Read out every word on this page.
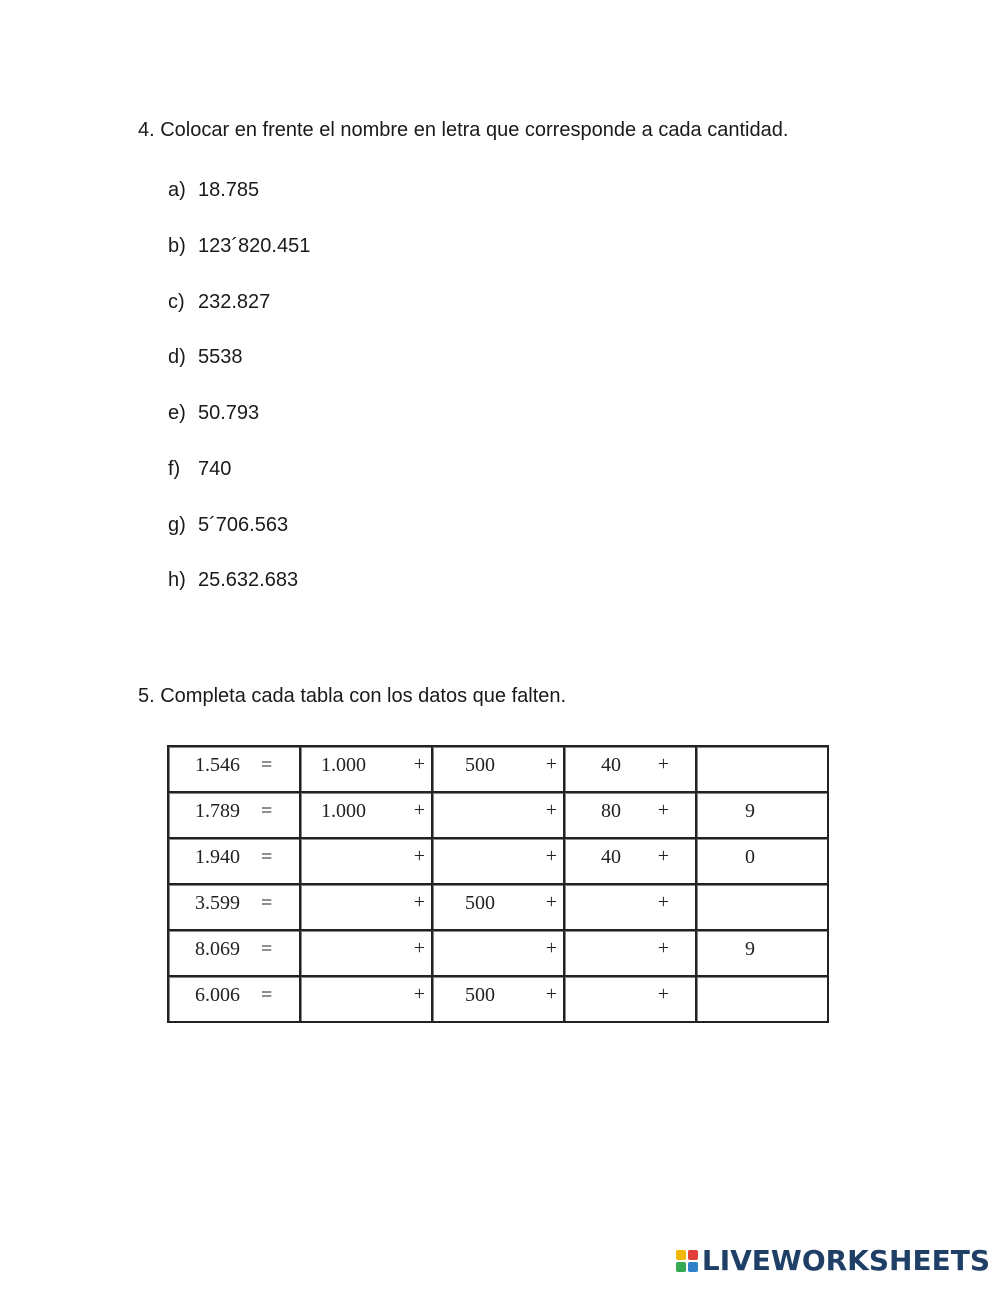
4. Colocar en frente el nombre en letra que corresponde a cada cantidad.
a) 18.785
b) 123´820.451
c) 232.827
d) 5538
e) 50.793
f) 740
g) 5´706.563
h) 25.632.683
5. Completa cada tabla con los datos que falten.
1.546 =	1.000 +	500 +	40 +	

1.789 =	1.000 +	+	80 +	9

1.940 =	+	+	40 +	0

3.599 =	+	500 +	+	

8.069 =	+	+	+	9

6.006 =	+	500 +	+	

LIVEWORKSHEETS
